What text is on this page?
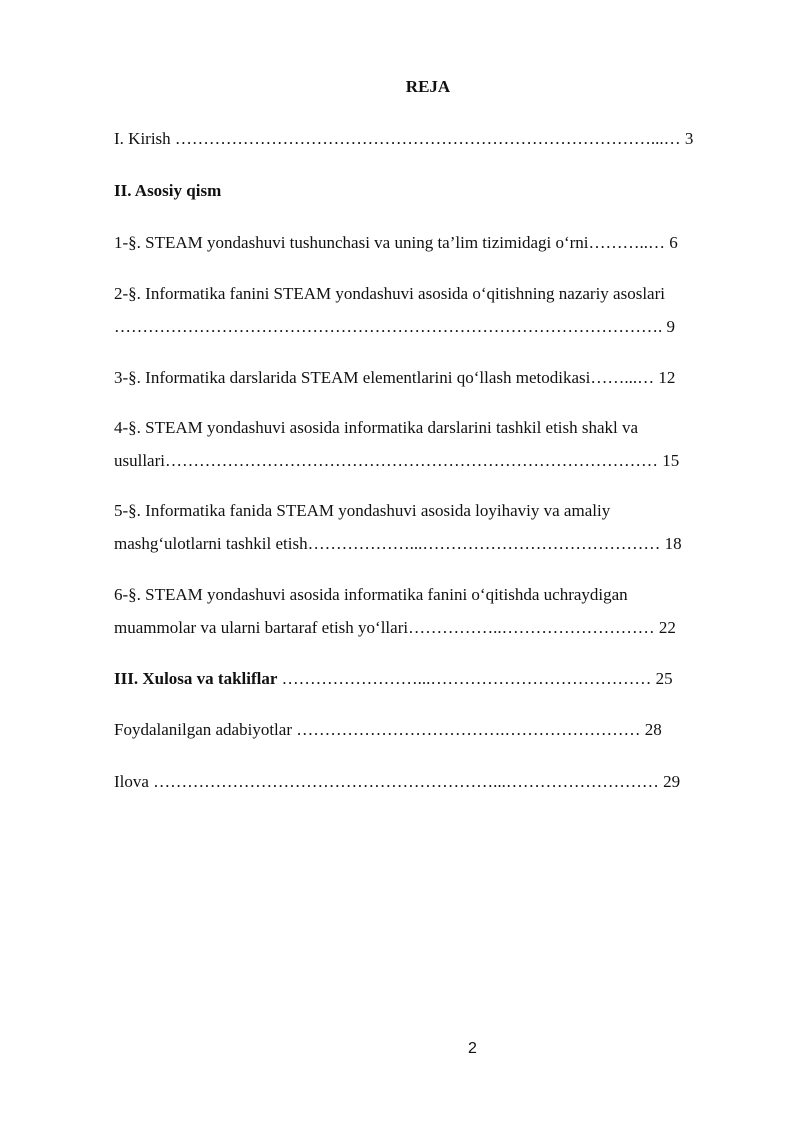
REJA
I. Kirish …………………………………………………………………………...… 3
II. Asosiy qism
1-§. STEAM yondashuvi tushunchasi va uning ta’lim tizimidagi o‘rni………..… 6
2-§. Informatika fanini STEAM yondashuvi asosida o‘qitishning nazariy asoslari
……………………………………………………………………………………. 9
3-§. Informatika darslarida STEAM elementlarini qo‘llash metodikasi……...… 12
4-§. STEAM yondashuvi asosida informatika darslarini tashkil etish shakl va
usullari…………………………………………………………………………… 15
5-§. Informatika fanida STEAM yondashuvi asosida loyihaviy va amaliy
mashg‘ulotlarni tashkil etish………………...…………………………………… 18
6-§. STEAM yondashuvi asosida informatika fanini o‘qitishda uchraydigan
muammolar va ularni bartaraf etish yo‘llari……………..……………………… 22
III. Xulosa va takliflar ……………………...………………………………… 25
Foydalanilgan adabiyotlar ……………………………….…………………… 28
Ilova ……………………………………………………...……………………… 29
2
